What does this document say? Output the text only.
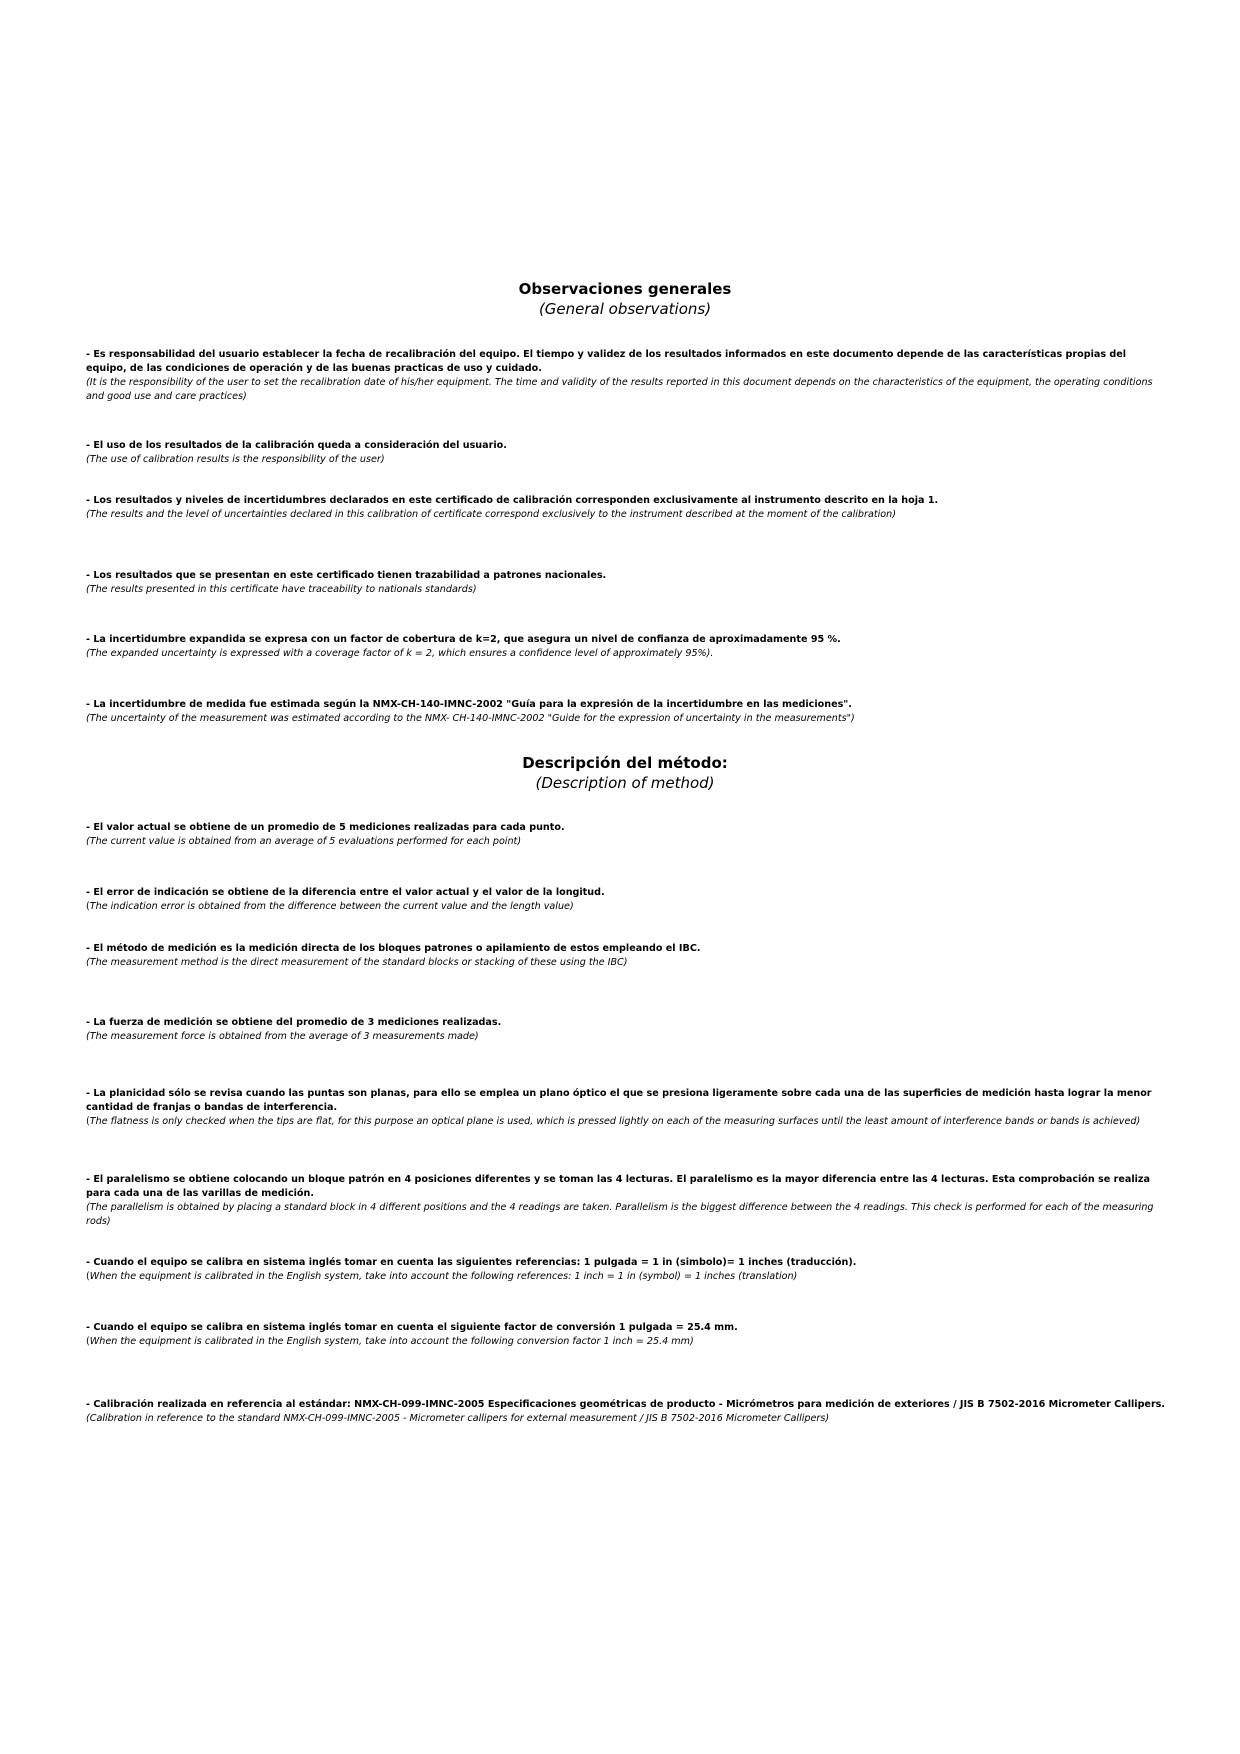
Observaciones generales
(General observations)
- Es responsabilidad del usuario establecer la fecha de recalibración del equipo. El tiempo y validez de los resultados informados en este documento depende de las características propias del equipo, de las condiciones de operación y de las buenas practicas de uso y cuidado.
(It is the responsibility of the user to set the recalibration date of his/her equipment. The time and validity of the results reported in this document depends on the characteristics of the equipment, the operating conditions and good use and care practices)
- El uso de los resultados de la calibración queda a consideración del usuario.
(The use of calibration results is the responsibility of the user)
- Los resultados y niveles de incertidumbres declarados en este certificado de calibración corresponden exclusivamente al instrumento descrito en la hoja 1.
(The results and the level of uncertainties declared in this calibration of certificate correspond exclusively to the instrument described at the moment of the calibration)
- Los resultados que se presentan en este certificado tienen trazabilidad a patrones nacionales.
(The results presented in this certificate have traceability to nationals standards)
- La incertidumbre expandida se expresa con un factor de cobertura de k=2, que asegura un nivel de confianza de aproximadamente 95 %.
(The expanded uncertainty is expressed with a coverage factor of k = 2, which ensures a confidence level of approximately 95%).
- La incertidumbre de medida fue estimada según la NMX-CH-140-IMNC-2002 "Guía para la expresión de la incertidumbre en las mediciones".
(The uncertainty of the measurement was estimated according to the NMX- CH-140-IMNC-2002 "Guide for the expression of uncertainty in the measurements")
Descripción del método:
(Description of method)
- El valor actual se obtiene de un promedio de 5 mediciones realizadas para cada punto.
(The current value is obtained from an average of 5 evaluations performed for each point)
- El error de indicación se obtiene de la diferencia entre el valor actual y el valor de la longitud.
(The indication error is obtained from the difference between the current value and the length value)
- El método de medición es la medición directa de los bloques patrones o apilamiento de estos empleando el IBC.
(The measurement method is the direct measurement of the standard blocks or stacking of these using the IBC)
- La fuerza de medición se obtiene del promedio de 3 mediciones realizadas.
(The measurement force is obtained from the average of 3 measurements made)
- La planicidad sólo se revisa cuando las puntas son planas, para ello se emplea un plano óptico el que se presiona ligeramente sobre cada una de las superficies de medición hasta lograr la menor cantidad de franjas o bandas de interferencia.
(The flatness is only checked when the tips are flat, for this purpose an optical plane is used, which is pressed lightly on each of the measuring surfaces until the least amount of interference bands or bands is achieved)
- El paralelismo se obtiene colocando un bloque patrón en 4 posiciones diferentes y se toman las 4 lecturas. El paralelismo es la mayor diferencia entre las 4 lecturas. Esta comprobación se realiza para cada una de las varillas de medición.
(The parallelism is obtained by placing a standard block in 4 different positions and the 4 readings are taken. Parallelism is the biggest difference between the 4 readings. This check is performed for each of the measuring rods)
- Cuando el equipo se calibra en sistema inglés tomar en cuenta las siguientes referencias: 1 pulgada = 1 in (simbolo)= 1 inches (traducción).
(When the equipment is calibrated in the English system, take into account the following references: 1 inch = 1 in (symbol) = 1 inches (translation)
- Cuando el equipo se calibra en sistema inglés tomar en cuenta el siguiente factor de conversión 1 pulgada = 25.4 mm.
(When the equipment is calibrated in the English system, take into account the following conversion factor 1 inch = 25.4 mm)
- Calibración realizada en referencia al estándar: NMX-CH-099-IMNC-2005 Especificaciones geométricas de producto - Micrómetros para medición de exteriores / JIS B 7502-2016 Micrometer Callipers.
(Calibration in reference to the standard NMX-CH-099-IMNC-2005 - Micrometer callipers for external measurement / JIS B 7502-2016 Micrometer Callipers)
